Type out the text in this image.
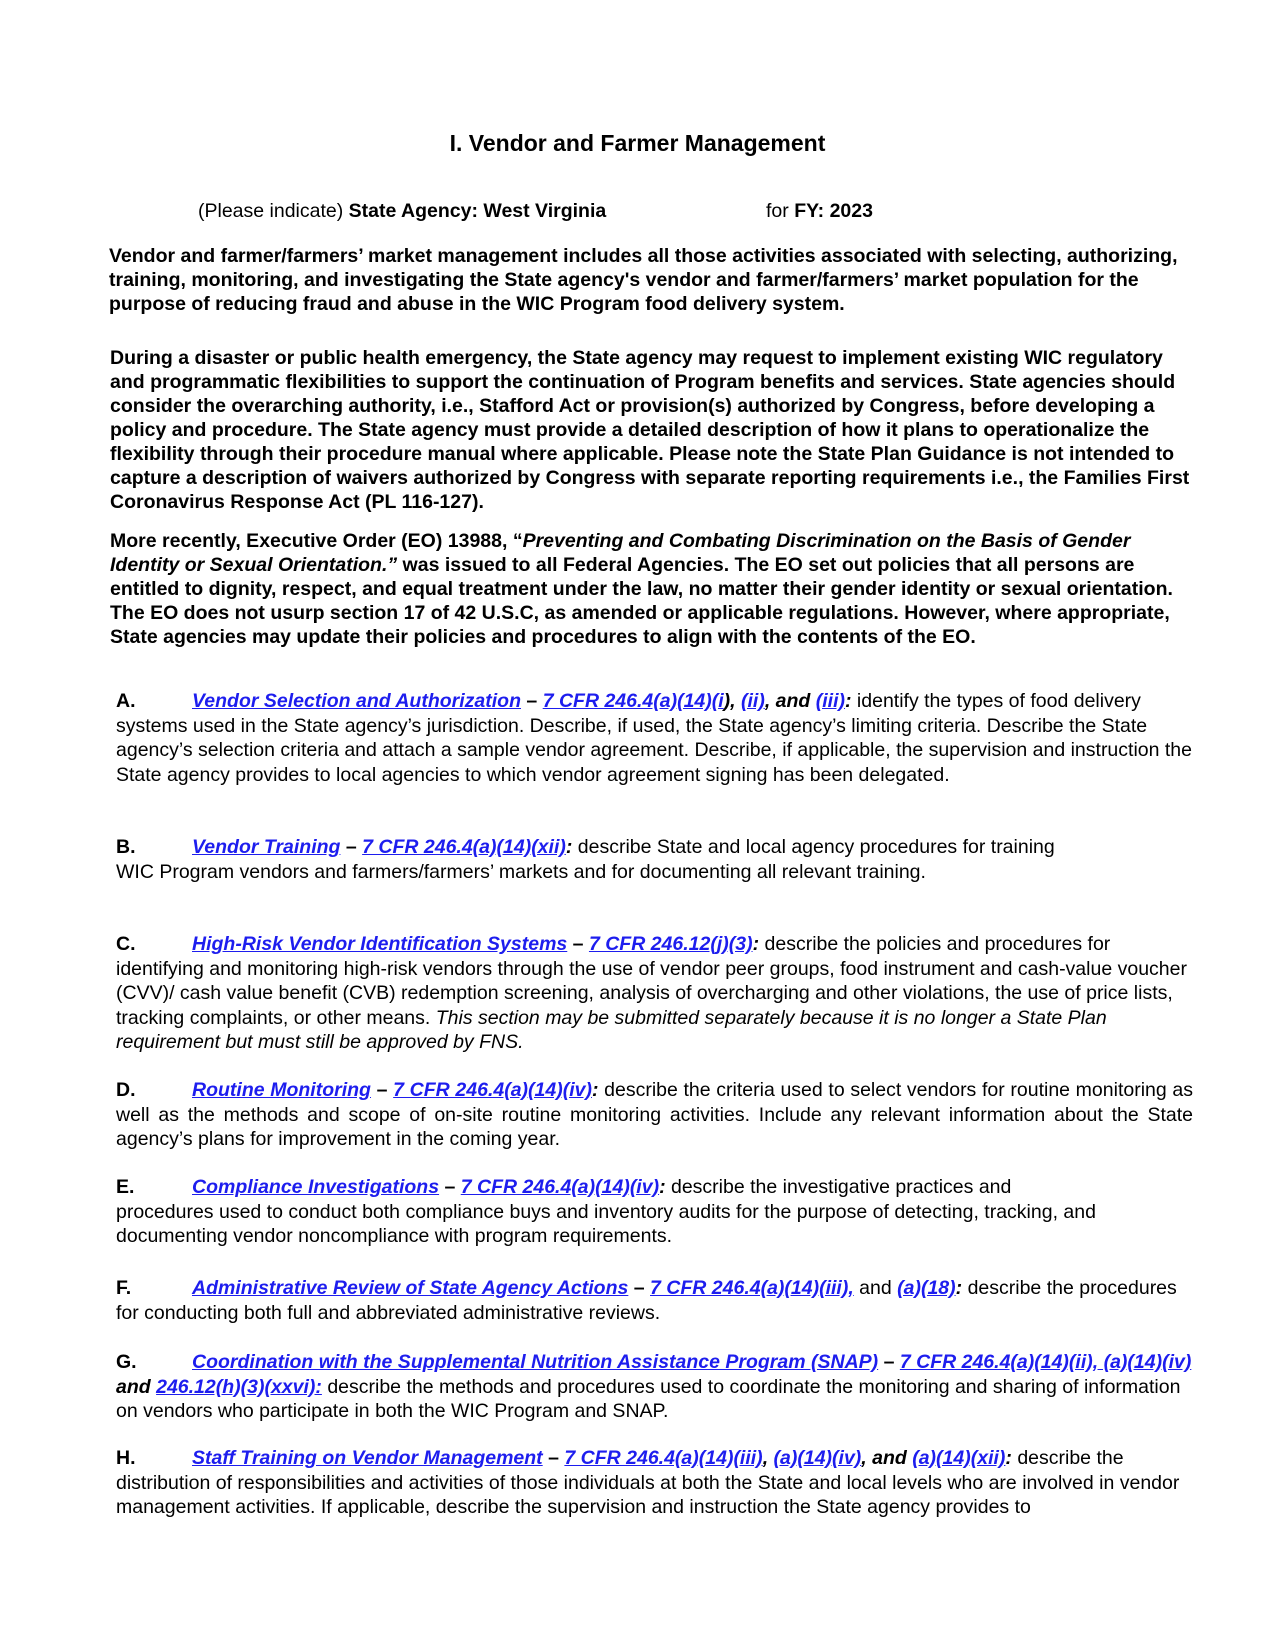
I. Vendor and Farmer Management
(Please indicate) State Agency: West Virginia	for FY: 2023

Vendor and farmer/farmers’ market management includes all those activities associated with selecting, authorizing, training, monitoring, and investigating the State agency's vendor and farmer/farmers’ market population for the purpose of reducing fraud and abuse in the WIC Program food delivery system.

During a disaster or public health emergency, the State agency may request to implement existing WIC regulatory and programmatic flexibilities to support the continuation of Program benefits and services. State agencies should consider the overarching authority, i.e., Stafford Act or provision(s) authorized by Congress, before developing a policy and procedure. The State agency must provide a detailed description of how it plans to operationalize the flexibility through their procedure manual where applicable. Please note the State Plan Guidance is not intended to capture a description of waivers authorized by Congress with separate reporting requirements i.e., the Families First Coronavirus Response Act (PL 116-127).

More recently, Executive Order (EO) 13988, “Preventing and Combating Discrimination on the Basis of Gender Identity or Sexual Orientation.” was issued to all Federal Agencies. The EO set out policies that all persons are entitled to dignity, respect, and equal treatment under the law, no matter their gender identity or sexual orientation. The EO does not usurp section 17 of 42 U.S.C, as amended or applicable regulations. However, where appropriate, State agencies may update their policies and procedures to align with the contents of the EO.

A.	Vendor Selection and Authorization – 7 CFR 246.4(a)(14)(i), (ii), and (iii): identify the types of food delivery systems used in the State agency’s jurisdiction. Describe, if used, the State agency’s limiting criteria. Describe the State agency’s selection criteria and attach a sample vendor agreement. Describe, if applicable, the supervision and instruction the State agency provides to local agencies to which vendor agreement signing has been delegated.

B.	Vendor Training – 7 CFR 246.4(a)(14)(xii): describe State and local agency procedures for training
WIC Program vendors and farmers/farmers’ markets and for documenting all relevant training.

C.	High-Risk Vendor Identification Systems – 7 CFR 246.12(j)(3): describe the policies and procedures for identifying and monitoring high-risk vendors through the use of vendor peer groups, food instrument and cash-value voucher (CVV)/ cash value benefit (CVB) redemption screening, analysis of overcharging and other violations, the use of price lists, tracking complaints, or other means. This section may be submitted separately because it is no longer a State Plan requirement but must still be approved by FNS.

D.	Routine Monitoring – 7 CFR 246.4(a)(14)(iv): describe the criteria used to select vendors for routine monitoring as well as the methods and scope of on-site routine monitoring activities. Include any relevant information about the State agency’s plans for improvement in the coming year.

E.	Compliance Investigations – 7 CFR 246.4(a)(14)(iv): describe the investigative practices and
procedures used to conduct both compliance buys and inventory audits for the purpose of detecting, tracking, and documenting vendor noncompliance with program requirements.

F.	Administrative Review of State Agency Actions – 7 CFR 246.4(a)(14)(iii), and (a)(18): describe the procedures for conducting both full and abbreviated administrative reviews.

G.	Coordination with the Supplemental Nutrition Assistance Program (SNAP) – 7 CFR 246.4(a)(14)(ii), (a)(14)(iv) and 246.12(h)(3)(xxvi): describe the methods and procedures used to coordinate the monitoring and sharing of information on vendors who participate in both the WIC Program and SNAP.

H.	Staff Training on Vendor Management – 7 CFR 246.4(a)(14)(iii), (a)(14)(iv), and (a)(14)(xii): describe the distribution of responsibilities and activities of those individuals at both the State and local levels who are involved in vendor management activities. If applicable, describe the supervision and instruction the State agency provides to
